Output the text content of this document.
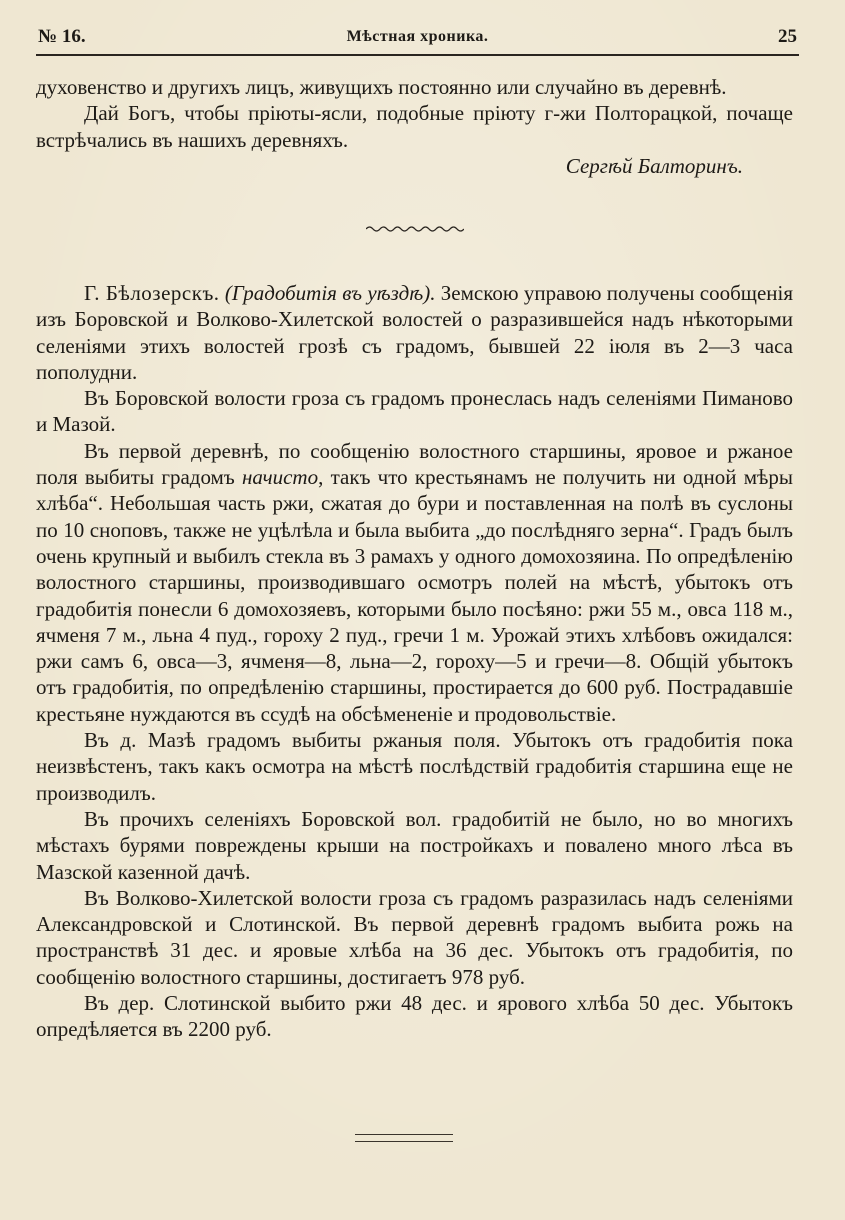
№ 16.	Мѣстная хроника.	25

духовенство и другихъ лицъ, живущихъ постоянно или случайно въ деревнѣ.

Дай Богъ, чтобы пріюты-ясли, подобные пріюту г-жи Полторацкой, почаще встрѣчались въ нашихъ деревняхъ.

Сергѣй Балторинъ.

Г. Бѣлозерскъ. (Градобитія въ уѣздѣ). Земскою управою получены сообщенія изъ Боровской и Волково-Хилетской волостей о разразившейся надъ нѣкоторыми селеніями этихъ волостей грозѣ съ градомъ, бывшей 22 іюля въ 2—3 часа пополудни.

Въ Боровской волости гроза съ градомъ пронеслась надъ селеніями Пиманово и Мазой.

Въ первой деревнѣ, по сообщенію волостного старшины, яровое и ржаное поля выбиты градомъ начисто, такъ что крестьянамъ не получить ни одной мѣры хлѣба“. Небольшая часть ржи, сжатая до бури и поставленная на полѣ въ суслоны по 10 сноповъ, также не уцѣлѣла и была выбита „до послѣдняго зерна“. Градъ былъ очень крупный и выбилъ стекла въ 3 рамахъ у одного домохозяина. По опредѣленію волостного старшины, производившаго осмотръ полей на мѣстѣ, убытокъ отъ градобитія понесли 6 домохозяевъ, которыми было посѣяно: ржи 55 м., овса 118 м., ячменя 7 м., льна 4 пуд., гороху 2 пуд., гречи 1 м. Урожай этихъ хлѣбовъ ожидался: ржи самъ 6, овса—3, ячменя—8, льна—2, гороху—5 и гречи—8. Общій убытокъ отъ градобитія, по опредѣленію старшины, простирается до 600 руб. Пострадавшіе крестьяне нуждаются въ ссудѣ на обсѣмененіе и продовольствіе.

Въ д. Мазѣ градомъ выбиты ржаныя поля. Убытокъ отъ градобитія пока неизвѣстенъ, такъ какъ осмотра на мѣстѣ послѣдствій градобитія старшина еще не производилъ.

Въ прочихъ селеніяхъ Боровской вол. градобитій не было, но во многихъ мѣстахъ бурями повреждены крыши на постройкахъ и повалено много лѣса въ Мазской казенной дачѣ.

Въ Волково-Хилетской волости гроза съ градомъ разразилась надъ селеніями Александровской и Слотинской. Въ первой деревнѣ градомъ выбита рожь на пространствѣ 31 дес. и яровые хлѣба на 36 дес. Убытокъ отъ градобитія, по сообщенію волостного старшины, достигаетъ 978 руб.

Въ дер. Слотинской выбито ржи 48 дес. и ярового хлѣба 50 дес. Убытокъ опредѣляется въ 2200 руб.
